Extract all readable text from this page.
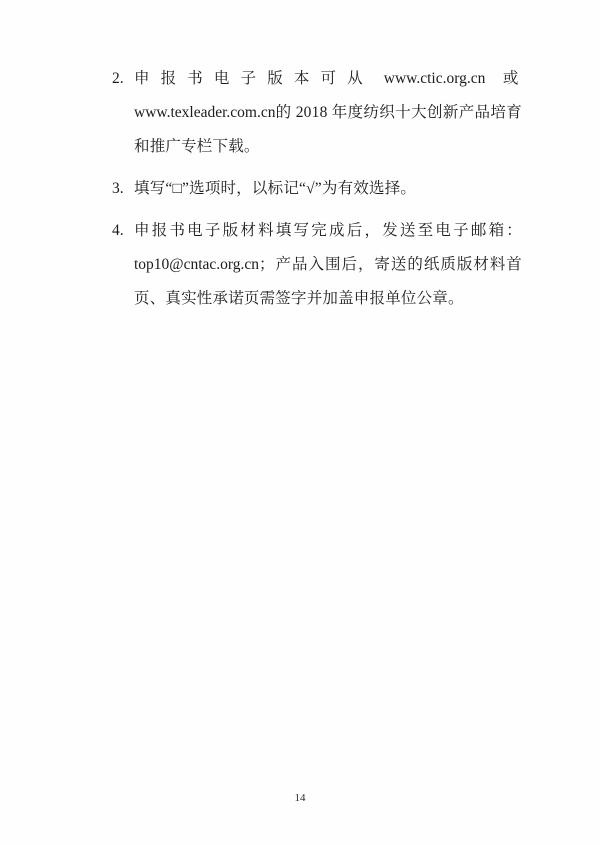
2. 申报书电子版本可从 www.ctic.org.cn 或www.texleader.com.cn的 2018 年度纺织十大创新产品培育和推广专栏下载。
3. 填写“□”选项时，以标记“√”为有效选择。
4. 申报书电子版材料填写完成后，发送至电子邮箱：top10@cntac.org.cn；产品入围后，寄送的纸质版材料首页、真实性承诺页需签字并加盖申报单位公章。
14
